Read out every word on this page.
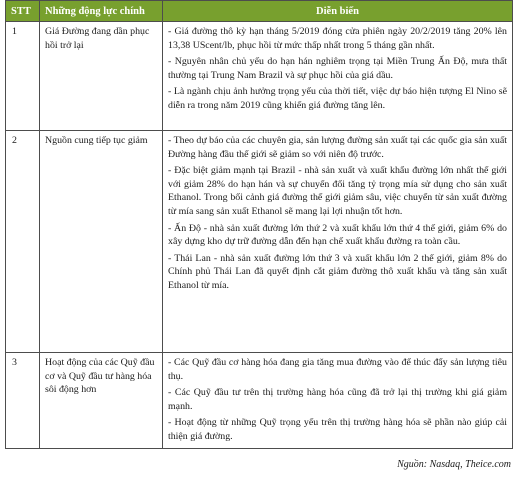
STT	Những động lực chính	Diễn biến
1	Giá Đường đang dần phục hồi trở lại	- Giá đường thô kỳ hạn tháng 5/2019 đóng cửa phiên ngày 20/2/2019 tăng 20% lên 13,38 UScent/lb, phục hồi từ mức thấp nhất trong 5 tháng gần nhất.
- Nguyên nhân chủ yếu do hạn hán nghiêm trọng tại Miền Trung Ấn Độ, mưa thất thường tại Trung Nam Brazil và sự phục hồi của giá dầu.
- Là ngành chịu ảnh hưởng trọng yếu của thời tiết, việc dự báo hiện tượng El Nino sẽ diễn ra trong năm 2019 cũng khiến giá đường tăng lên.

2	Nguồn cung tiếp tục giảm	- Theo dự báo của các chuyên gia, sản lượng đường sản xuất tại các quốc gia sản xuất Đường hàng đầu thế giới sẽ giảm so với niên độ trước.
- Đặc biệt giảm mạnh tại Brazil - nhà sản xuất và xuất khẩu đường lớn nhất thế giới với giảm 28% do hạn hán và sự chuyển đổi tăng tỷ trọng mía sử dụng cho sản xuất Ethanol. Trong bối cảnh giá đường thế giới giảm sâu, việc chuyển từ sản xuất đường từ mía sang sản xuất Ethanol sẽ mang lại lợi nhuận tốt hơn.
- Ấn Độ - nhà sản xuất đường lớn thứ 2 và xuất khẩu lớn thứ 4 thế giới, giảm 6% do xây dựng kho dự trữ đường dẫn đến hạn chế xuất khẩu đường ra toàn cầu.
- Thái Lan - nhà sản xuất đường lớn thứ 3 và xuất khẩu lớn 2 thế giới, giảm 8% do Chính phủ Thái Lan đã quyết định cắt giảm đường thô xuất khẩu và tăng sản xuất Ethanol từ mía.

3	Hoạt động của các Quỹ đầu cơ và Quỹ đầu tư hàng hóa sôi động hơn	- Các Quỹ đầu cơ hàng hóa đang gia tăng mua đường vào để thúc đẩy sản lượng tiêu thụ.
- Các Quỹ đầu tư trên thị trường hàng hóa cũng đã trở lại thị trường khi giá giảm mạnh.
- Hoạt động từ những Quỹ trọng yếu trên thị trường hàng hóa sẽ phần nào giúp cải thiện giá đường.
Nguồn: Nasdaq, Theice.com
